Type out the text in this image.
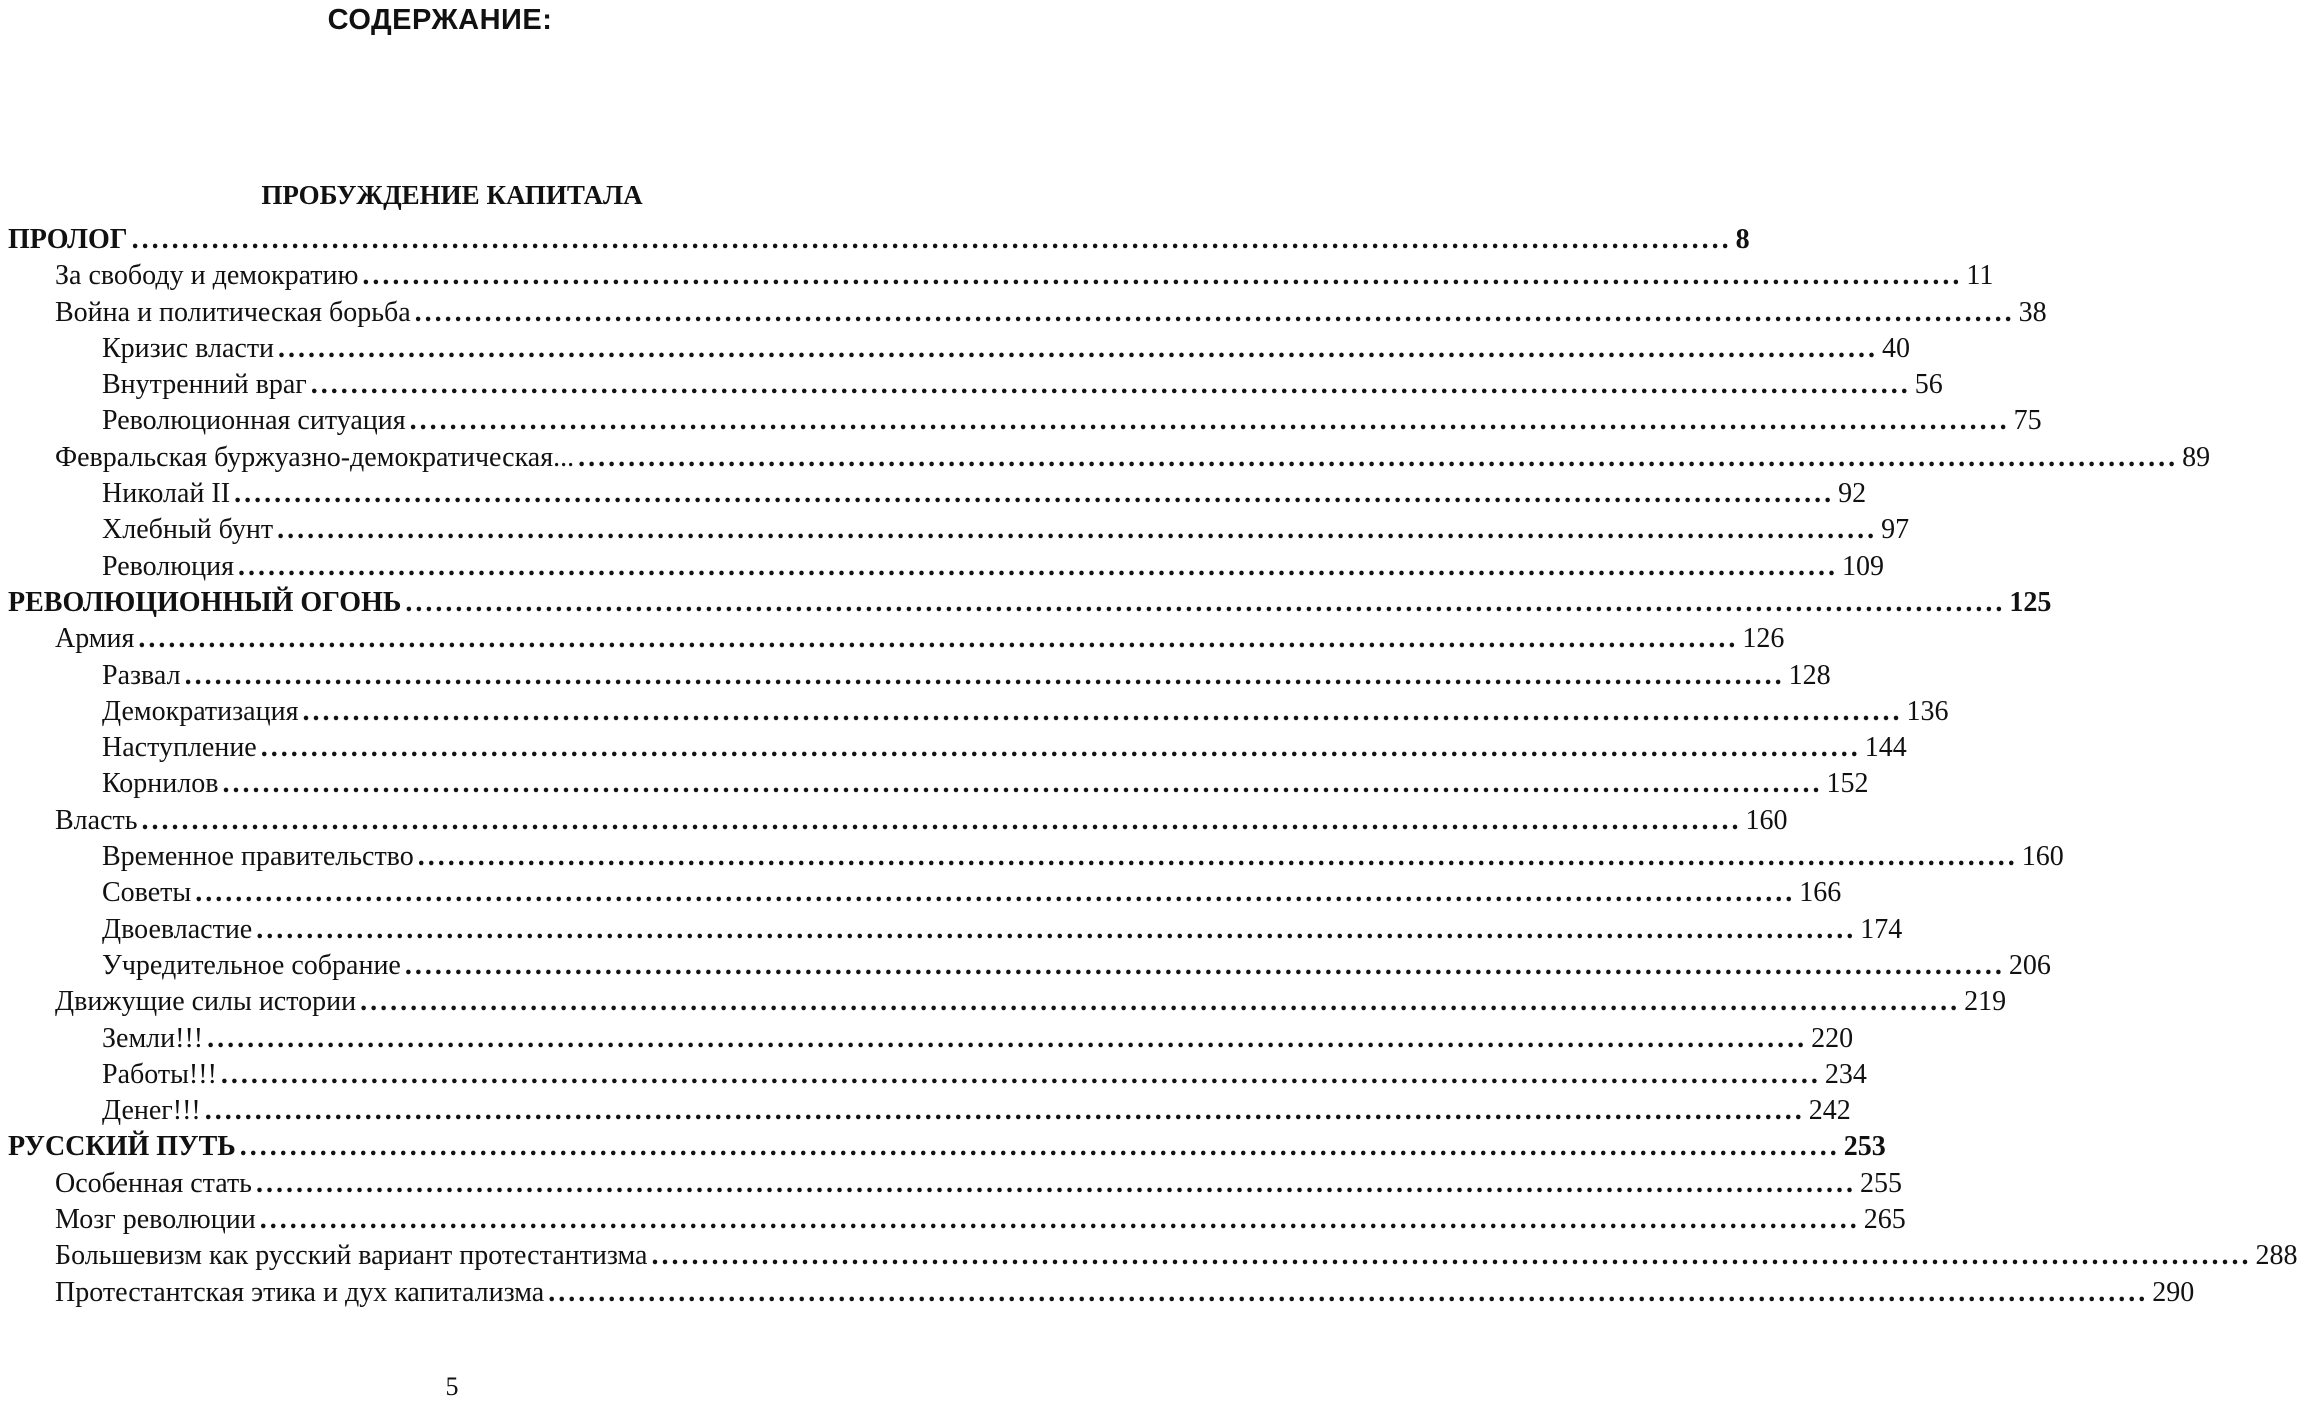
СОДЕРЖАНИЕ:
ПРОБУЖДЕНИЕ КАПИТАЛА
ПРОЛОГ ................................................................................................................................................................ 8
За свободу и демократию ................................................................................................................................................................ 11
Война и политическая борьба ................................................................................................................................................................ 38
Кризис власти ................................................................................................................................................................ 40
Внутренний враг ................................................................................................................................................................ 56
Революционная ситуация ................................................................................................................................................................ 75
Февральская буржуазно-демократическая... ................................................................................................................................................................ 89
Николай II ................................................................................................................................................................ 92
Хлебный бунт ................................................................................................................................................................ 97
Революция ................................................................................................................................................................ 109
РЕВОЛЮЦИОННЫЙ ОГОНЬ ................................................................................................................................................................ 125
Армия ................................................................................................................................................................ 126
Развал ................................................................................................................................................................ 128
Демократизация ................................................................................................................................................................ 136
Наступление ................................................................................................................................................................ 144
Корнилов ................................................................................................................................................................ 152
Власть ................................................................................................................................................................ 160
Временное правительство ................................................................................................................................................................ 160
Советы ................................................................................................................................................................ 166
Двоевластие ................................................................................................................................................................ 174
Учредительное собрание ................................................................................................................................................................ 206
Движущие силы истории ................................................................................................................................................................ 219
Земли!!! ................................................................................................................................................................ 220
Работы!!! ................................................................................................................................................................ 234
Денег!!! ................................................................................................................................................................ 242
РУССКИЙ ПУТЬ ................................................................................................................................................................ 253
Особенная стать ................................................................................................................................................................ 255
Мозг революции ................................................................................................................................................................ 265
Большевизм как русский вариант протестантизма ................................................................................................................................................................ 288
Протестантская этика и дух капитализма ................................................................................................................................................................ 290
5
